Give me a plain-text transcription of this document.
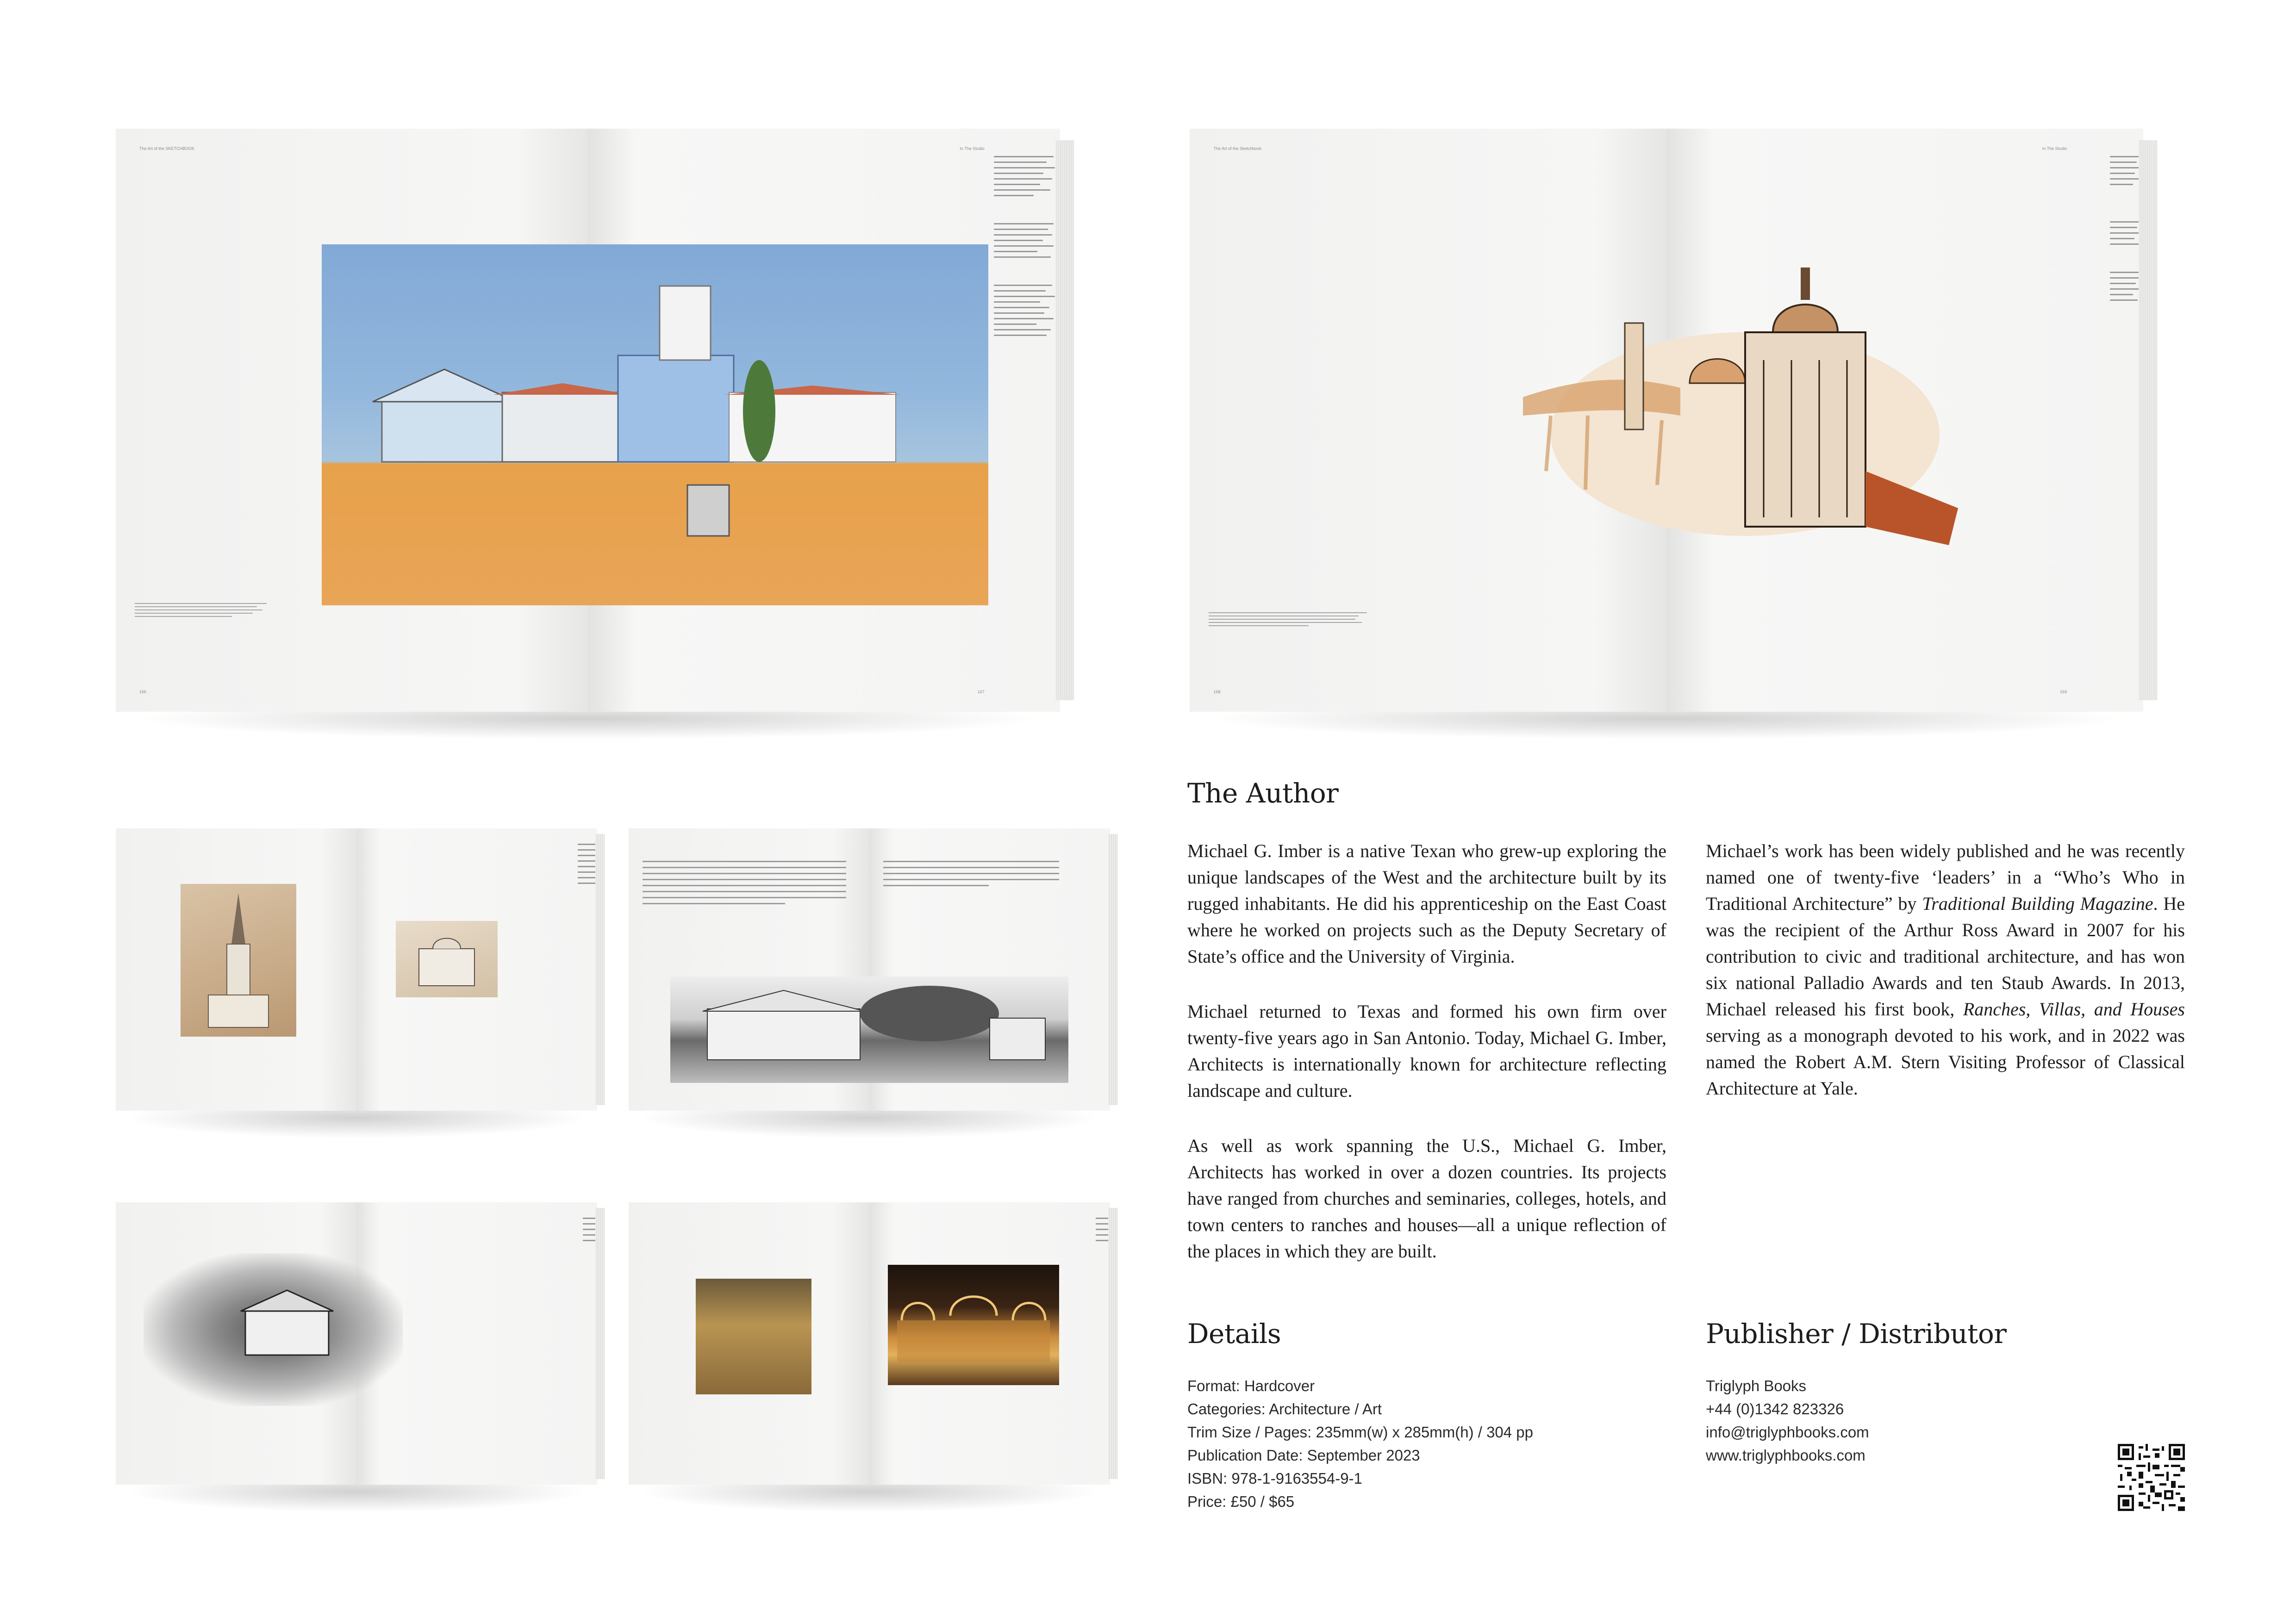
The Art of the SKETCHBOOK
166
In The Studio
167
The Art of the Sketchbook
168
In The Studio
169
The Author

Michael G. Imber is a native Texan who grew-up exploring the unique landscapes of the West and the architecture built by its rugged inhabitants. He did his apprenticeship on the East Coast where he worked on projects such as the Deputy Secretary of State’s office and the University of Virginia.

Michael returned to Texas and formed his own firm over twenty-five years ago in San Antonio. Today, Michael G. Imber, Architects is internationally known for architecture reflecting landscape and culture.

As well as work spanning the U.S., Michael G. Imber, Architects has worked in over a dozen countries. Its projects have ranged from churches and seminaries, colleges, hotels, and town centers to ranches and houses—all a unique reflection of the places in which they are built.

Michael’s work has been widely published and he was recently named one of twenty-five ‘leaders’ in a “Who’s Who in Traditional Architecture” by Traditional Building Magazine. He was the recipient of the Arthur Ross Award in 2007 for his contribution to civic and traditional architecture, and has won six national Palladio Awards and ten Staub Awards. In 2013, Michael released his first book, Ranches, Villas, and Houses serving as a monograph devoted to his work, and in 2022 was named the Robert A.M. Stern Visiting Professor of Classical Architecture at Yale.

Details
Format: Hardcover
Categories: Architecture / Art
Trim Size / Pages: 235mm(w) x 285mm(h) / 304 pp
Publication Date: September 2023
ISBN: 978-1-9163554-9-1
Price: £50 / $65
Publisher / Distributor
Triglyph Books
+44 (0)1342 823326
info@triglyphbooks.com
www.triglyphbooks.com
